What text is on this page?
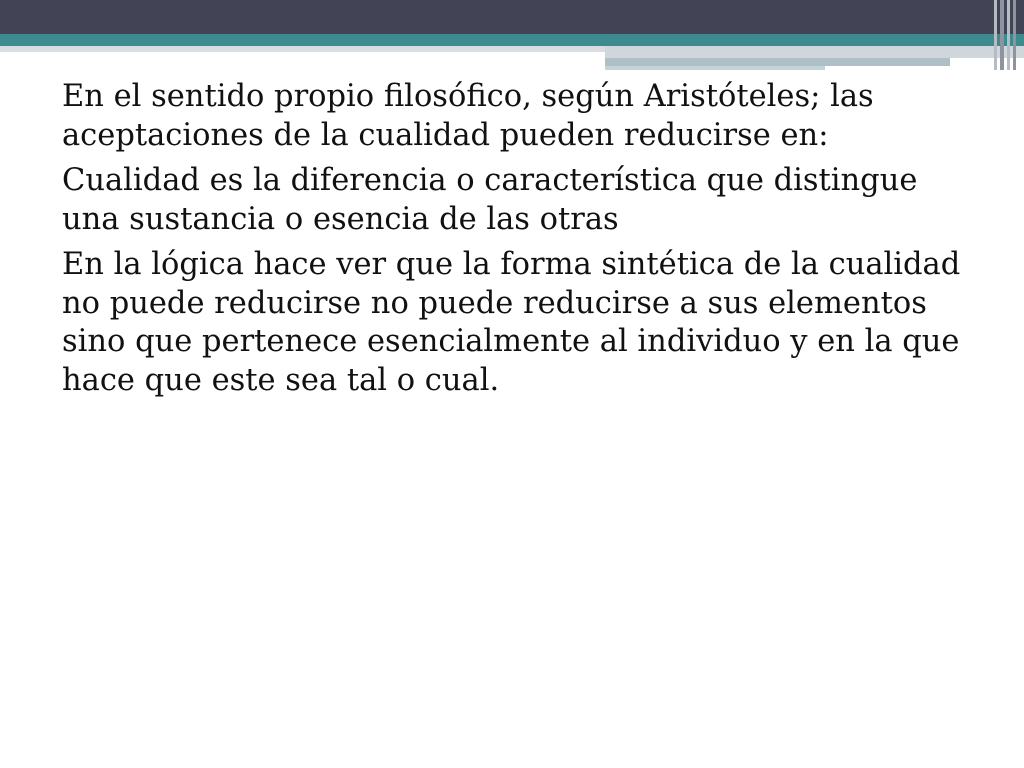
En el sentido propio filosófico, según Aristóteles; las aceptaciones de la cualidad pueden reducirse en:

Cualidad es la diferencia o característica que distingue una sustancia o esencia de las otras

En la lógica hace ver que la forma sintética de la cualidad no puede reducirse no puede reducirse a sus elementos sino que pertenece esencialmente al individuo y en la que hace que este sea tal o cual.
